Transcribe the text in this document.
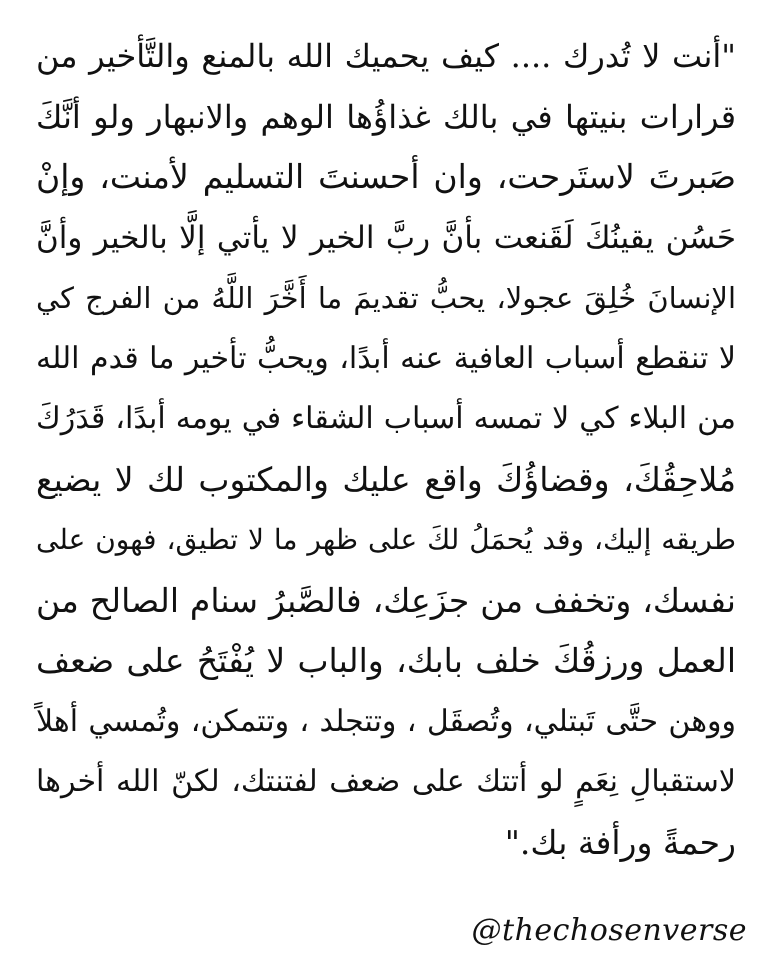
"أنت لا تُدرك .... كيف يحميك الله بالمنع والتَّأخير من
قرارات بنيتها في بالك غذاؤُها الوهم والانبهار ولو أنَّكَ
صَبرتَ لاستَرحت، وان أحسنتَ التسليم لأمنت، وإنْ
حَسُن يقينُكَ لَقَنعت بأنَّ ربَّ الخير لا يأتي إلَّا بالخير وأنَّ
الإنسانَ خُلِقَ عجولا، يحبُّ تقديمَ ما أَخَّرَ اللَّهُ من الفرج كي
لا تنقطع أسباب العافية عنه أبدًا، ويحبُّ تأخير ما قدم الله
من البلاء كي لا تمسه أسباب الشقاء في يومه أبدًا، قَدَرُكَ
مُلاحِقُكَ، وقضاؤُكَ واقع عليك والمكتوب لك لا يضيع
طريقه إليك، وقد يُحمَلُ لكَ على ظهر ما لا تطيق، فهون على
نفسك، وتخفف من جزَعِك، فالصَّبرُ سنام الصالح من
العمل ورزقُكَ خلف بابك، والباب لا يُفْتَحُ على ضعف
ووهن حتَّى تَبتلي، وتُصقَل ، وتتجلد ، وتتمكن، وتُمسي أهلاً
لاستقبالِ نِعَمٍ لو أتتك على ضعف لفتنتك، لكنّ الله أخرها
رحمةً ورأفة بك."
@thechosenverse
